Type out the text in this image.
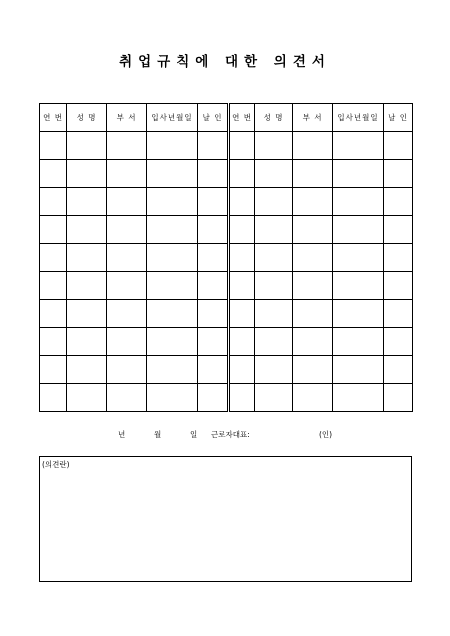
취업규칙에 대한 의견서
연 번	성 명	부 서	입사년월일	날 인	연 번	성 명	부 서	입사년월일	날 인

년	월	일 근로자대표:	(인)
(의견란)
